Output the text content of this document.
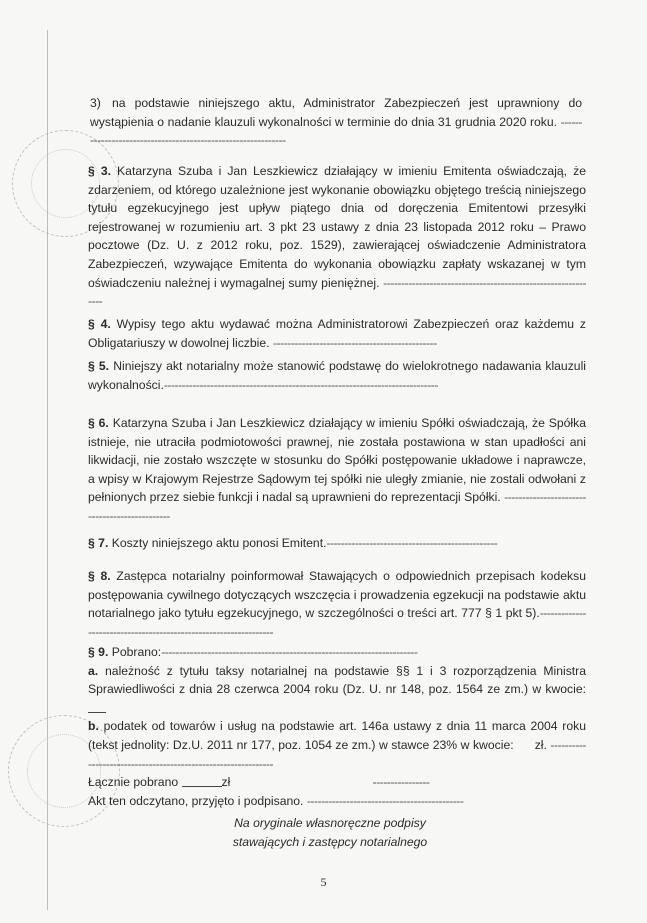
3) na podstawie niniejszego aktu, Administrator Zabezpieczeń jest uprawniony do wystąpienia o nadanie klauzuli wykonalności w terminie do dnia 31 grudnia 2020 roku. -------------------------------------------------------------

§ 3. Katarzyna Szuba i Jan Leszkiewicz działający w imieniu Emitenta oświadczają, że zdarzeniem, od którego uzależnione jest wykonanie obowiązku objętego treścią niniejszego tytułu egzekucyjnego jest upływ piątego dnia od doręczenia Emitentowi przesyłki rejestrowanej w rozumieniu art. 3 pkt 23 ustawy z dnia 23 listopada 2012 roku – Prawo pocztowe (Dz. U. z 2012 roku, poz. 1529), zawierającej oświadczenie Administratora Zabezpieczeń, wzywające Emitenta do wykonania obowiązku zapłaty wskazanej w tym oświadczeniu należnej i wymagalnej sumy pieniężnej. -------------------------------------------------------------

§ 4. Wypisy tego aktu wydawać można Administratorowi Zabezpieczeń oraz każdemu z Obligatariuszy w dowolnej liczbie. ----------------------------------------------

§ 5. Niniejszy akt notarialny może stanowić podstawę do wielokrotnego nadawania klauzuli wykonalności.-----------------------------------------------------------------------------

§ 6. Katarzyna Szuba i Jan Leszkiewicz działający w imieniu Spółki oświadczają, że Spółka istnieje, nie utraciła podmiotowości prawnej, nie została postawiona w stan upadłości ani likwidacji, nie zostało wszczęte w stosunku do Spółki postępowanie układowe i naprawcze, a wpisy w Krajowym Rejestrze Sądowym tej spółki nie uległy zmianie, nie zostali odwołani z pełnionych przez siebie funkcji i nadal są uprawnieni do reprezentacji Spółki. ----------------------------------------------

§ 7. Koszty niniejszego aktu ponosi Emitent.------------------------------------------------

§ 8. Zastępca notarialny poinformował Stawających o odpowiednich przepisach kodeksu postępowania cywilnego dotyczących wszczęcia i prowadzenia egzekucji na podstawie aktu notarialnego jako tytułu egzekucyjnego, w szczególności o treści art. 777 § 1 pkt 5).-----------------------------------------------------------------

§ 9. Pobrano:------------------------------------------------------------------------
a. należność z tytułu taksy notarialnej na podstawie §§ 1 i 3 rozporządzenia Ministra Sprawiedliwości z dnia 28 czerwca 2004 roku (Dz. U. nr 148, poz. 1564 ze zm.) w kwocie:
b. podatek od towarów i usług na podstawie art. 146a ustawy z dnia 11 marca 2004 roku (tekst jednolity: Dz.U. 2011 nr 177, poz. 1054 ze zm.) w stawce 23% w kwocie: zł. --------------------------------------------------------------
Łącznie pobrano	zł	----------------
Akt ten odczytano, przyjęto i podpisano. --------------------------------------------
Na oryginale własnoręczne podpisy
stawających i zastępcy notarialnego
5
